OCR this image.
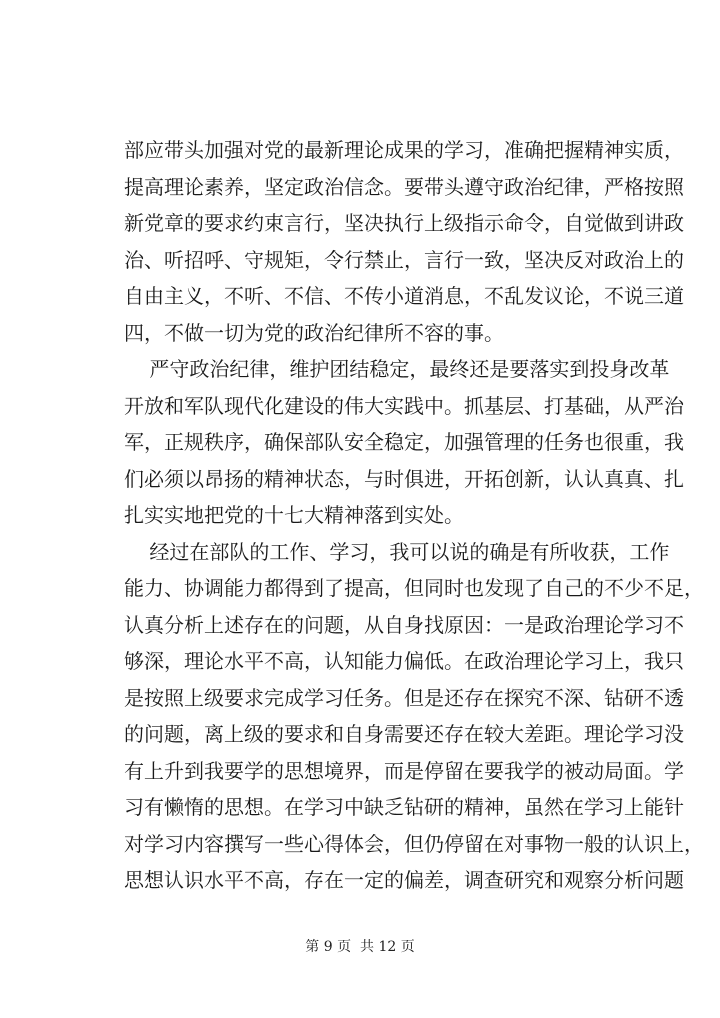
部应带头加强对党的最新理论成果的学习，准确把握精神实质，
提高理论素养，坚定政治信念。要带头遵守政治纪律，严格按照
新党章的要求约束言行，坚决执行上级指示命令，自觉做到讲政
治、听招呼、守规矩，令行禁止，言行一致，坚决反对政治上的
自由主义，不听、不信、不传小道消息，不乱发议论，不说三道
四，不做一切为党的政治纪律所不容的事。
严守政治纪律，维护团结稳定，最终还是要落实到投身改革
开放和军队现代化建设的伟大实践中。抓基层、打基础，从严治
军，正规秩序，确保部队安全稳定，加强管理的任务也很重，我
们必须以昂扬的精神状态，与时俱进，开拓创新，认认真真、扎
扎实实地把党的十七大精神落到实处。
经过在部队的工作、学习，我可以说的确是有所收获，工作
能力、协调能力都得到了提高，但同时也发现了自己的不少不足，
认真分析上述存在的问题，从自身找原因：一是政治理论学习不
够深，理论水平不高，认知能力偏低。在政治理论学习上，我只
是按照上级要求完成学习任务。但是还存在探究不深、钻研不透
的问题，离上级的要求和自身需要还存在较大差距。理论学习没
有上升到我要学的思想境界，而是停留在要我学的被动局面。学
习有懒惰的思想。在学习中缺乏钻研的精神，虽然在学习上能针
对学习内容撰写一些心得体会，但仍停留在对事物一般的认识上，
思想认识水平不高，存在一定的偏差，调查研究和观察分析问题
第 9 页  共 12 页
